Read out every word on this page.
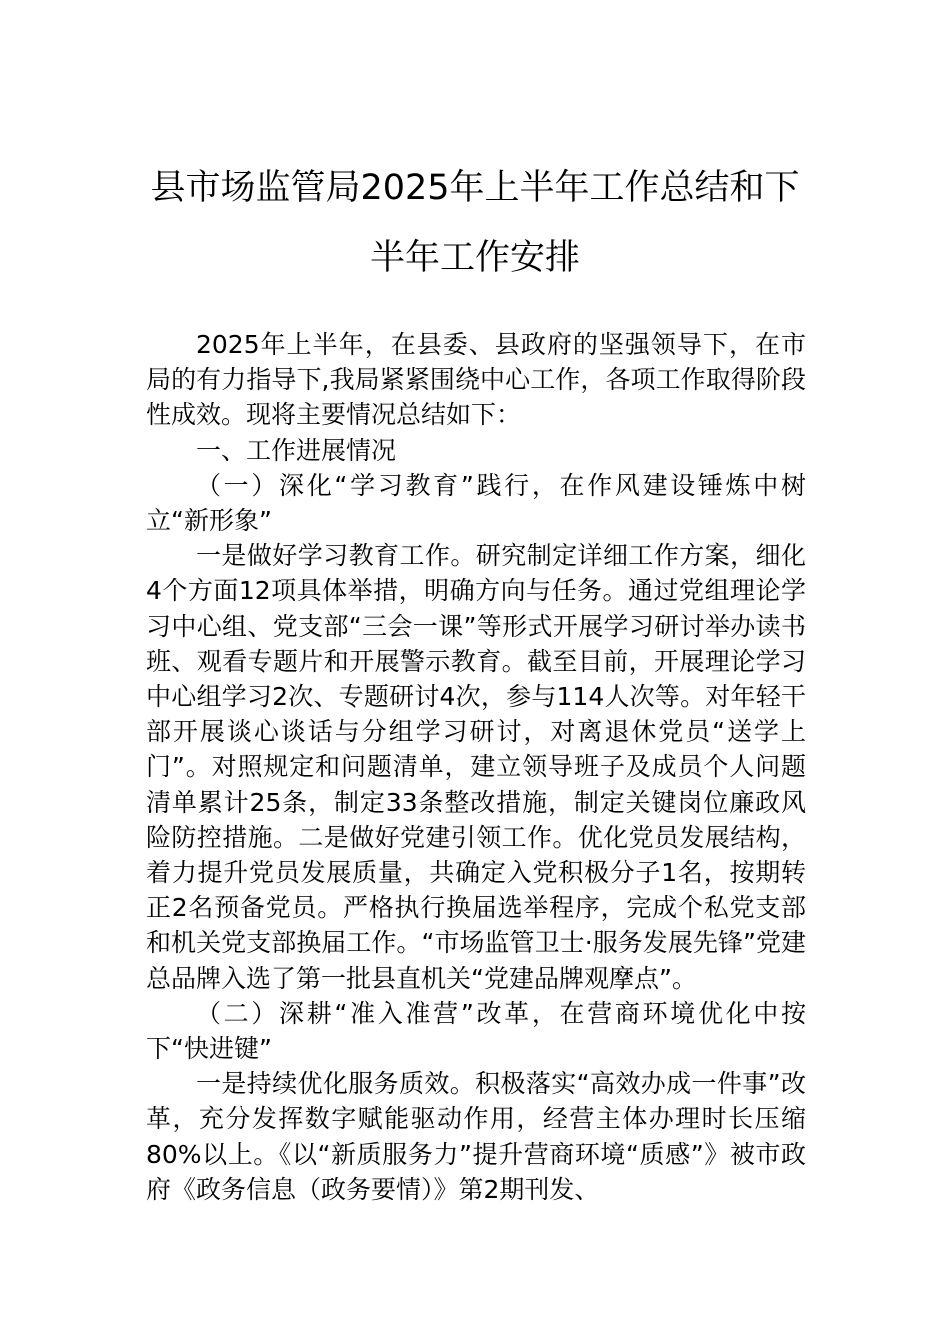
县市场监管局2025年上半年工作总结和下
半年工作安排

2025年上半年，在县委、县政府的坚强领导下，在市局的有力指导下,我局紧紧围绕中心工作，各项工作取得阶段性成效。现将主要情况总结如下：

一、工作进展情况

（一）深化“学习教育”践行，在作风建设锤炼中树立“新形象”

一是做好学习教育工作。研究制定详细工作方案，细化4个方面12项具体举措，明确方向与任务。通过党组理论学习中心组、党支部“三会一课”等形式开展学习研讨举办读书班、观看专题片和开展警示教育。截至目前，开展理论学习中心组学习2次、专题研讨4次，参与114人次等。对年轻干部开展谈心谈话与分组学习研讨，对离退休党员“送学上门”。对照规定和问题清单，建立领导班子及成员个人问题清单累计25条，制定33条整改措施，制定关键岗位廉政风险防控措施。二是做好党建引领工作。优化党员发展结构，着力提升党员发展质量，共确定入党积极分子1名，按期转正2名预备党员。严格执行换届选举程序，完成个私党支部和机关党支部换届工作。“市场监管卫士·服务发展先锋”党建总品牌入选了第一批县直机关“党建品牌观摩点”。

（二）深耕“准入准营”改革，在营商环境优化中按下“快进键”

一是持续优化服务质效。积极落实“高效办成一件事”改革，充分发挥数字赋能驱动作用，经营主体办理时长压缩80%以上。《以“新质服务力”提升营商环境“质感”》被市政府《政务信息（政务要情）》第2期刊发、
